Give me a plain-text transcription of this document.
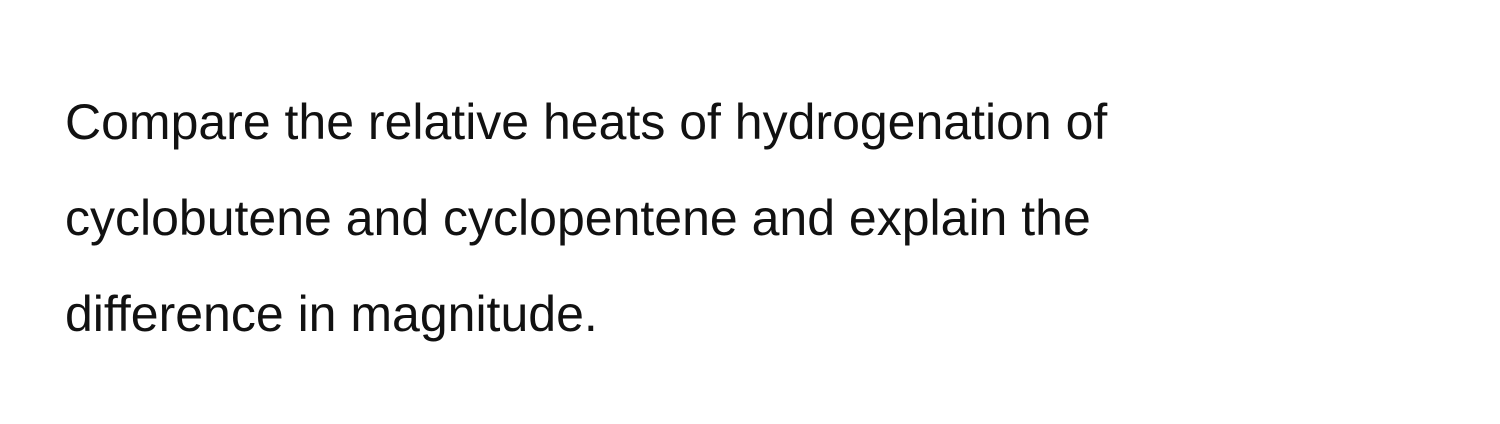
Compare the relative heats of hydrogenation of
cyclobutene and cyclopentene and explain the
difference in magnitude.
